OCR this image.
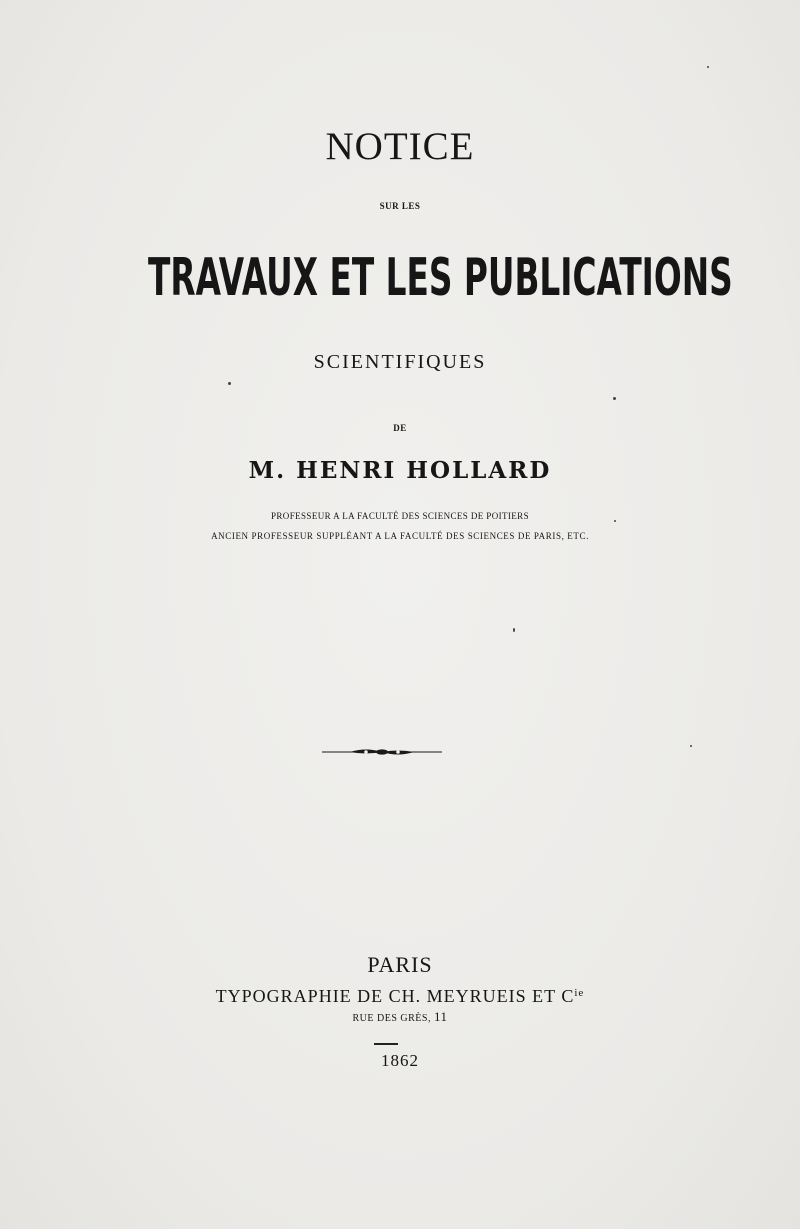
NOTICE
SUR LES
TRAVAUX ET LES PUBLICATIONS
SCIENTIFIQUES
DE
M. HENRI HOLLARD
PROFESSEUR A LA FACULTÉ DES SCIENCES DE POITIERS
ANCIEN PROFESSEUR SUPPLÉANT A LA FACULTÉ DES SCIENCES DE PARIS, ETC.
PARIS
TYPOGRAPHIE DE CH. MEYRUEIS ET $C^{ie}$
RUE DES GRÈS, 11
1862
